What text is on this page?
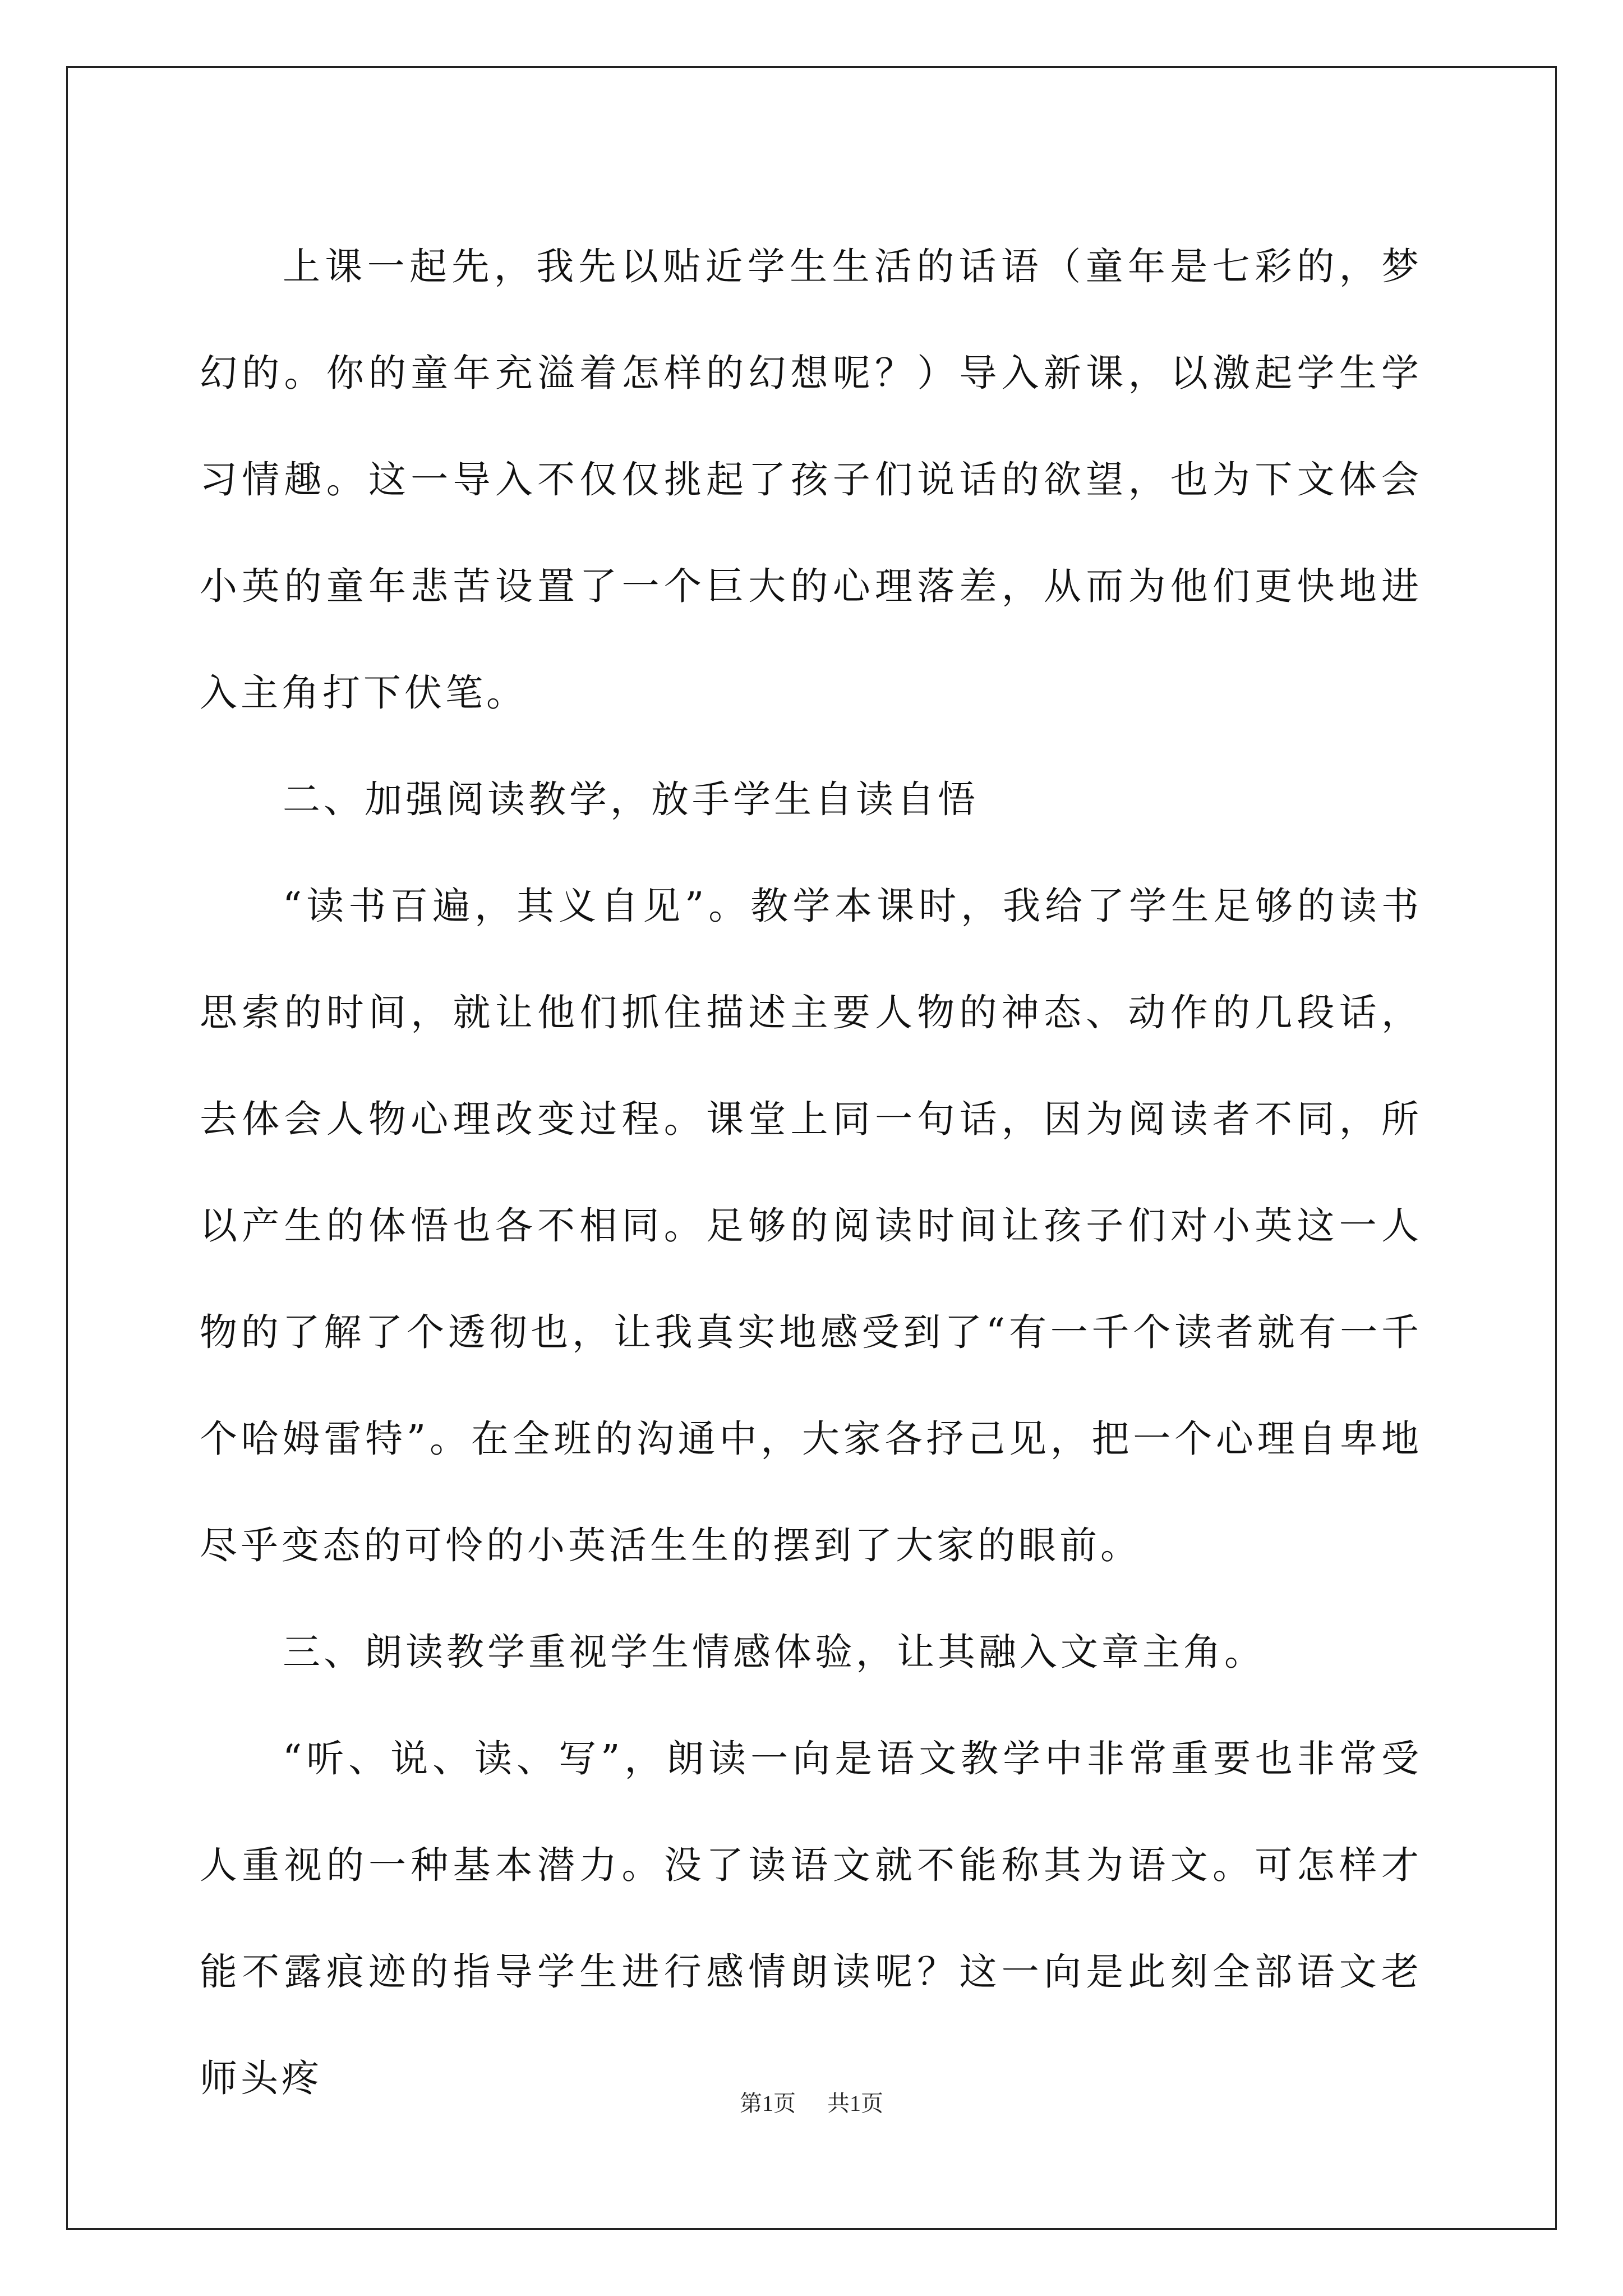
上课一起先，我先以贴近学生生活的话语（童年是七彩的，梦幻的。你的童年充溢着怎样的幻想呢？）导入新课，以激起学生学习情趣。这一导入不仅仅挑起了孩子们说话的欲望，也为下文体会小英的童年悲苦设置了一个巨大的心理落差，从而为他们更快地进入主角打下伏笔。

二、加强阅读教学，放手学生自读自悟

“读书百遍，其义自见”。教学本课时，我给了学生足够的读书思索的时间，就让他们抓住描述主要人物的神态、动作的几段话，去体会人物心理改变过程。课堂上同一句话，因为阅读者不同，所以产生的体悟也各不相同。足够的阅读时间让孩子们对小英这一人物的了解了个透彻也，让我真实地感受到了“有一千个读者就有一千个哈姆雷特”。在全班的沟通中，大家各抒己见，把一个心理自卑地尽乎变态的可怜的小英活生生的摆到了大家的眼前。

三、朗读教学重视学生情感体验，让其融入文章主角。

“听、说、读、写”，朗读一向是语文教学中非常重要也非常受人重视的一种基本潜力。没了读语文就不能称其为语文。可怎样才能不露痕迹的指导学生进行感情朗读呢？这一向是此刻全部语文老师头疼

第1页 共1页
